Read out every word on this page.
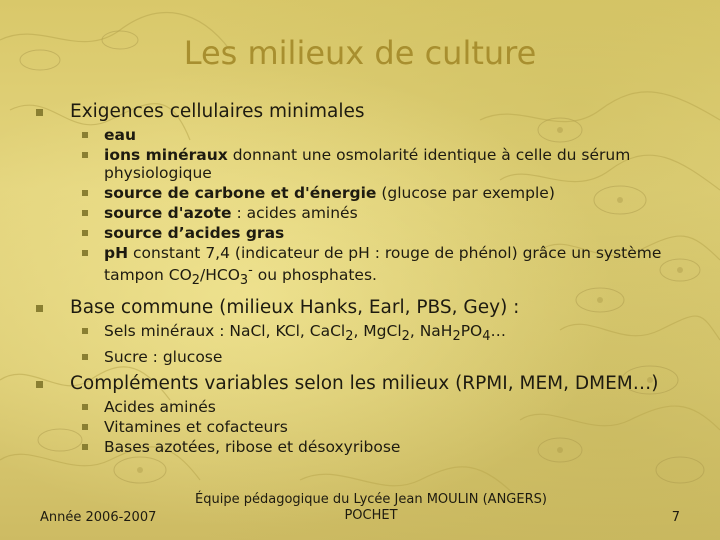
Les milieux de culture
Exigences cellulaires minimales
eau
ions minéraux donnant une osmolarité identique à celle du sérum physiologique
source de carbone et d'énergie (glucose par exemple)
source d'azote : acides aminés
source d’acides gras
pH constant 7,4 (indicateur de pH : rouge de phénol) grâce un système tampon $CO_2/HCO_3^-$ ou phosphates.
Base commune (milieux Hanks, Earl, PBS, Gey) :
Sels minéraux : NaCl, KCl, CaCl$_2$, MgCl$_2$, $NaH_2PO_4\dots$
Sucre : glucose
Compléments variables selon les milieux (RPMI, MEM, DMEM…)
Acides aminés
Vitamines et cofacteurs
Bases azotées, ribose et désoxyribose
Année 2006-2007
Équipe pédagogique du Lycée Jean MOULIN (ANGERS)
POCHET	7
